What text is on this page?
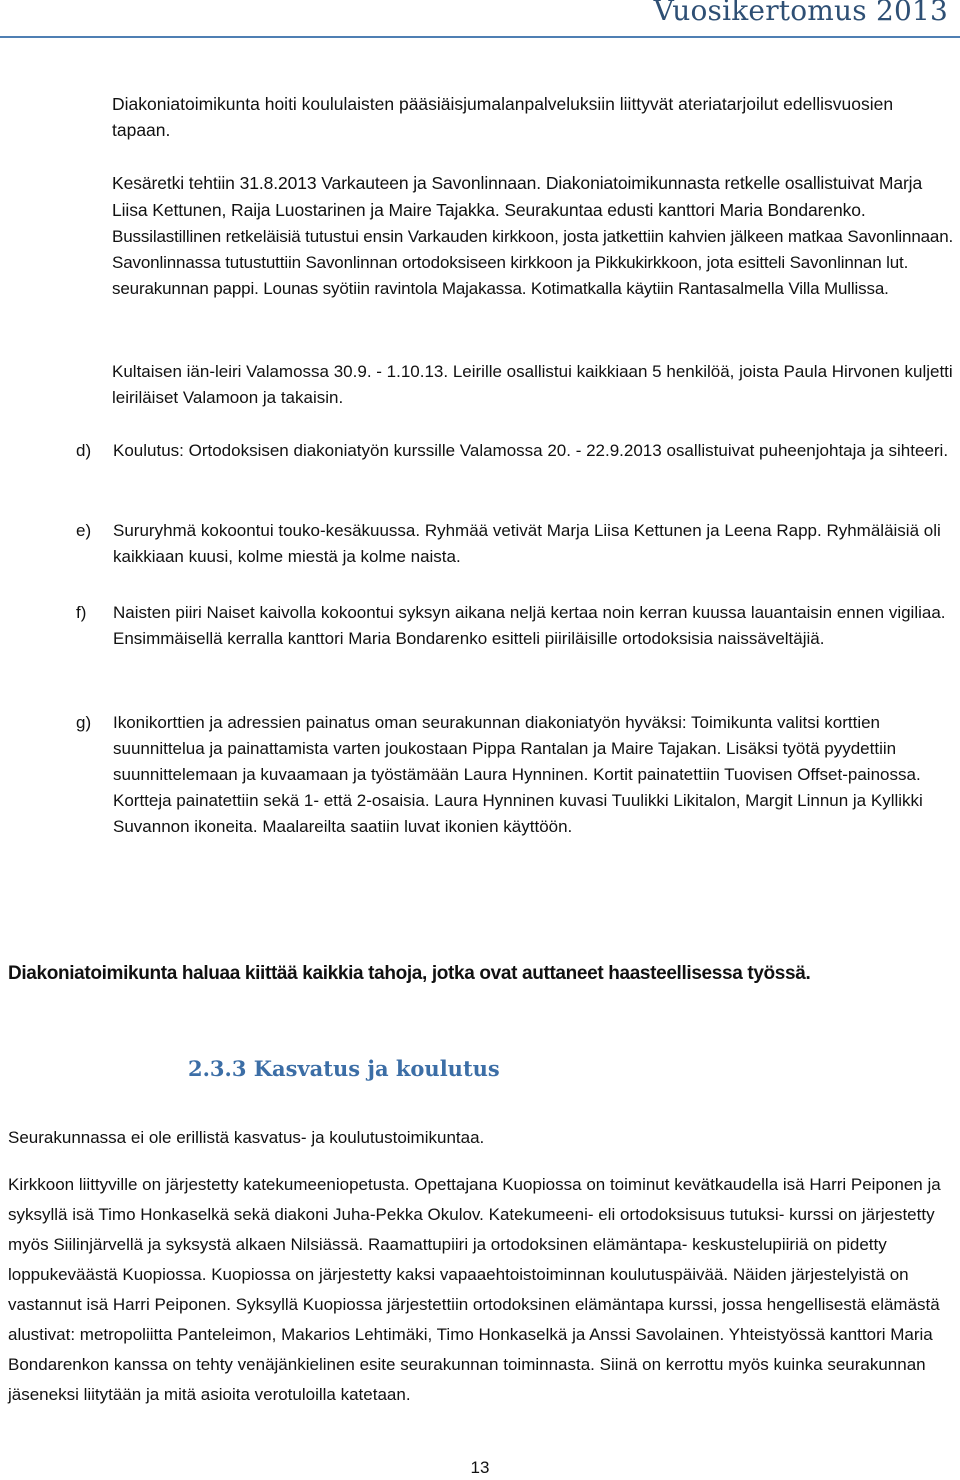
Vuosikertomus 2013

Diakoniatoimikunta hoiti koululaisten pääsiäisjumalanpalveluksiin liittyvät ateriatarjoilut edellisvuosien tapaan.

Kesäretki tehtiin 31.8.2013 Varkauteen ja Savonlinnaan. Diakoniatoimikunnasta retkelle osallistuivat Marja Liisa Kettunen, Raija Luostarinen ja Maire Tajakka. Seurakuntaa edusti kanttori Maria Bondarenko. Bussilastillinen retkeläisiä tutustui ensin Varkauden kirkkoon, josta jatkettiin kahvien jälkeen matkaa Savonlinnaan. Savonlinnassa tutustuttiin Savonlinnan ortodoksiseen kirkkoon ja Pikkukirkkoon, jota esitteli Savonlinnan lut. seurakunnan pappi. Lounas syötiin ravintola Majakassa. Kotimatkalla käytiin Rantasalmella Villa Mullissa.

Kultaisen iän-leiri Valamossa 30.9. - 1.10.13. Leirille osallistui kaikkiaan 5 henkilöä, joista Paula Hirvonen kuljetti leiriläiset Valamoon ja takaisin.

d) Koulutus: Ortodoksisen diakoniatyön kurssille Valamossa 20. - 22.9.2013 osallistuivat puheenjohtaja ja sihteeri.
e) Sururyhmä kokoontui touko-kesäkuussa. Ryhmää vetivät Marja Liisa Kettunen ja Leena Rapp. Ryhmäläisiä oli kaikkiaan kuusi, kolme miestä ja kolme naista.
f) Naisten piiri Naiset kaivolla kokoontui syksyn aikana neljä kertaa noin kerran kuussa lauantaisin ennen vigiliaa. Ensimmäisellä kerralla kanttori Maria Bondarenko esitteli piiriläisille ortodoksisia naissäveltäjiä.
g) Ikonikorttien ja adressien painatus oman seurakunnan diakoniatyön hyväksi: Toimikunta valitsi korttien suunnittelua ja painattamista varten joukostaan Pippa Rantalan ja Maire Tajakan. Lisäksi työtä pyydettiin suunnittelemaan ja kuvaamaan ja työstämään Laura Hynninen. Kortit painatettiin Tuovisen Offset-painossa. Kortteja painatettiin sekä 1- että 2-osaisia. Laura Hynninen kuvasi Tuulikki Likitalon, Margit Linnun ja Kyllikki Suvannon ikoneita. Maalareilta saatiin luvat ikonien käyttöön.

Diakoniatoimikunta haluaa kiittää kaikkia tahoja, jotka ovat auttaneet haasteellisessa työssä.

2.3.3 Kasvatus ja koulutus

Seurakunnassa ei ole erillistä kasvatus- ja koulutustoimikuntaa.

Kirkkoon liittyville on järjestetty katekumeeniopetusta. Opettajana Kuopiossa on toiminut kevätkaudella isä Harri Peiponen ja syksyllä isä Timo Honkaselkä sekä diakoni Juha-Pekka Okulov. Katekumeeni- eli ortodoksisuus tutuksi- kurssi on järjestetty myös Siilinjärvellä ja syksystä alkaen Nilsiässä. Raamattupiiri ja ortodoksinen elämäntapa- keskustelupiiriä on pidetty loppukeväästä Kuopiossa. Kuopiossa on järjestetty kaksi vapaaehtoistoiminnan koulutuspäivää. Näiden järjestelyistä on vastannut isä Harri Peiponen. Syksyllä Kuopiossa järjestettiin ortodoksinen elämäntapa kurssi, jossa hengellisestä elämästä alustivat: metropoliitta Panteleimon, Makarios Lehtimäki, Timo Honkaselkä ja Anssi Savolainen. Yhteistyössä kanttori Maria Bondarenkon kanssa on tehty venäjänkielinen esite seurakunnan toiminnasta. Siinä on kerrottu myös kuinka seurakunnan jäseneksi liitytään ja mitä asioita verotuloilla katetaan.

13
